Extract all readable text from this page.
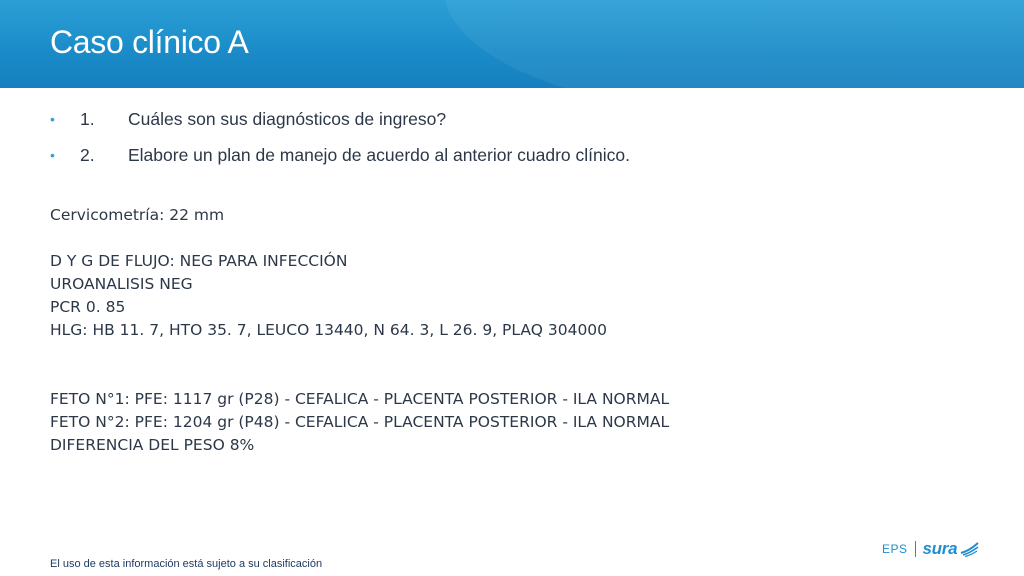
Caso clínico A
• 1. Cuáles son sus diagnósticos de ingreso?
• 2. Elabore un plan de manejo de acuerdo al anterior cuadro clínico.
Cervicometría: 22 mm
D Y G DE FLUJO: NEG PARA INFECCIÓN
UROANALISIS NEG
PCR 0. 85
HLG: HB 11. 7, HTO 35. 7, LEUCO 13440, N 64. 3, L 26. 9, PLAQ 304000
FETO N°1: PFE: 1117 gr (P28) - CEFALICA - PLACENTA POSTERIOR - ILA NORMAL
FETO N°2: PFE: 1204 gr (P48) - CEFALICA - PLACENTA POSTERIOR - ILA NORMAL
DIFERENCIA DEL PESO 8%
El uso de esta información está sujeto a su clasificación
EPS sura
